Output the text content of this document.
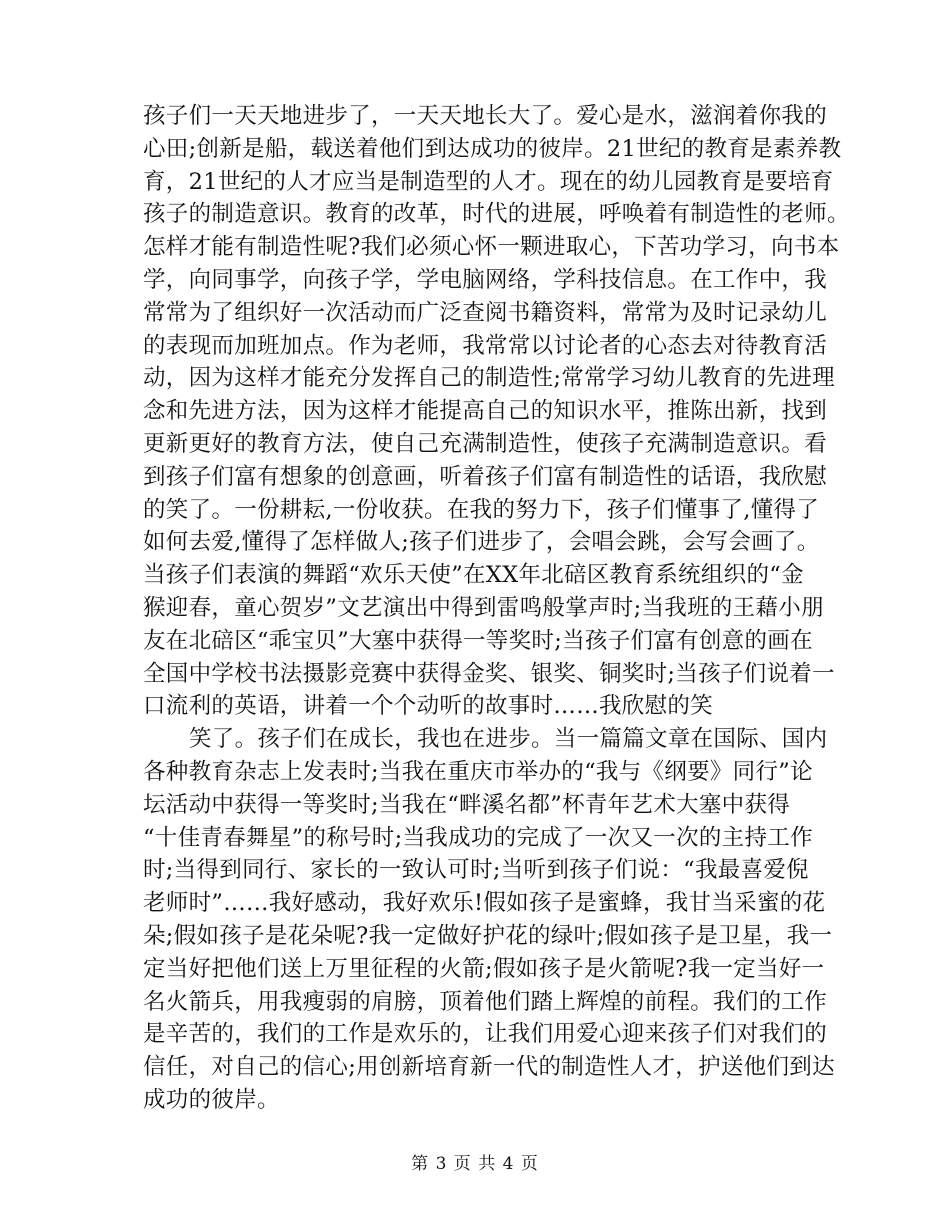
孩子们一天天地进步了，一天天地长大了。爱心是水，滋润着你我的
心田;创新是船，载送着他们到达成功的彼岸。21世纪的教育是素养教
育，21世纪的人才应当是制造型的人才。现在的幼儿园教育是要培育
孩子的制造意识。教育的改革，时代的进展，呼唤着有制造性的老师。
怎样才能有制造性呢?我们必须心怀一颗进取心，下苦功学习，向书本
学，向同事学，向孩子学，学电脑网络，学科技信息。在工作中，我
常常为了组织好一次活动而广泛查阅书籍资料，常常为及时记录幼儿
的表现而加班加点。作为老师，我常常以讨论者的心态去对待教育活
动，因为这样才能充分发挥自己的制造性;常常学习幼儿教育的先进理
念和先进方法，因为这样才能提高自己的知识水平，推陈出新，找到
更新更好的教育方法，使自己充满制造性，使孩子充满制造意识。看
到孩子们富有想象的创意画，听着孩子们富有制造性的话语，我欣慰
的笑了。一份耕耘,一份收获。在我的努力下，孩子们懂事了,懂得了
如何去爱,懂得了怎样做人;孩子们进步了，会唱会跳，会写会画了。
当孩子们表演的舞蹈“欢乐天使”在XX年北碚区教育系统组织的“金
猴迎春，童心贺岁”文艺演出中得到雷鸣般掌声时;当我班的王藉小朋
友在北碚区“乖宝贝”大塞中获得一等奖时;当孩子们富有创意的画在
全国中学校书法摄影竞赛中获得金奖、银奖、铜奖时;当孩子们说着一
口流利的英语，讲着一个个动听的故事时……我欣慰的笑
笑了。孩子们在成长，我也在进步。当一篇篇文章在国际、国内
各种教育杂志上发表时;当我在重庆市举办的“我与《纲要》同行”论
坛活动中获得一等奖时;当我在“畔溪名都”杯青年艺术大塞中获得
“十佳青春舞星”的称号时;当我成功的完成了一次又一次的主持工作
时;当得到同行、家长的一致认可时;当听到孩子们说：“我最喜爱倪
老师时”……我好感动，我好欢乐!假如孩子是蜜蜂，我甘当采蜜的花
朵;假如孩子是花朵呢?我一定做好护花的绿叶;假如孩子是卫星，我一
定当好把他们送上万里征程的火箭;假如孩子是火箭呢?我一定当好一
名火箭兵，用我瘦弱的肩膀，顶着他们踏上辉煌的前程。我们的工作
是辛苦的，我们的工作是欢乐的，让我们用爱心迎来孩子们对我们的
信任，对自己的信心;用创新培育新一代的制造性人才，护送他们到达
成功的彼岸。
第 3 页 共 4 页
